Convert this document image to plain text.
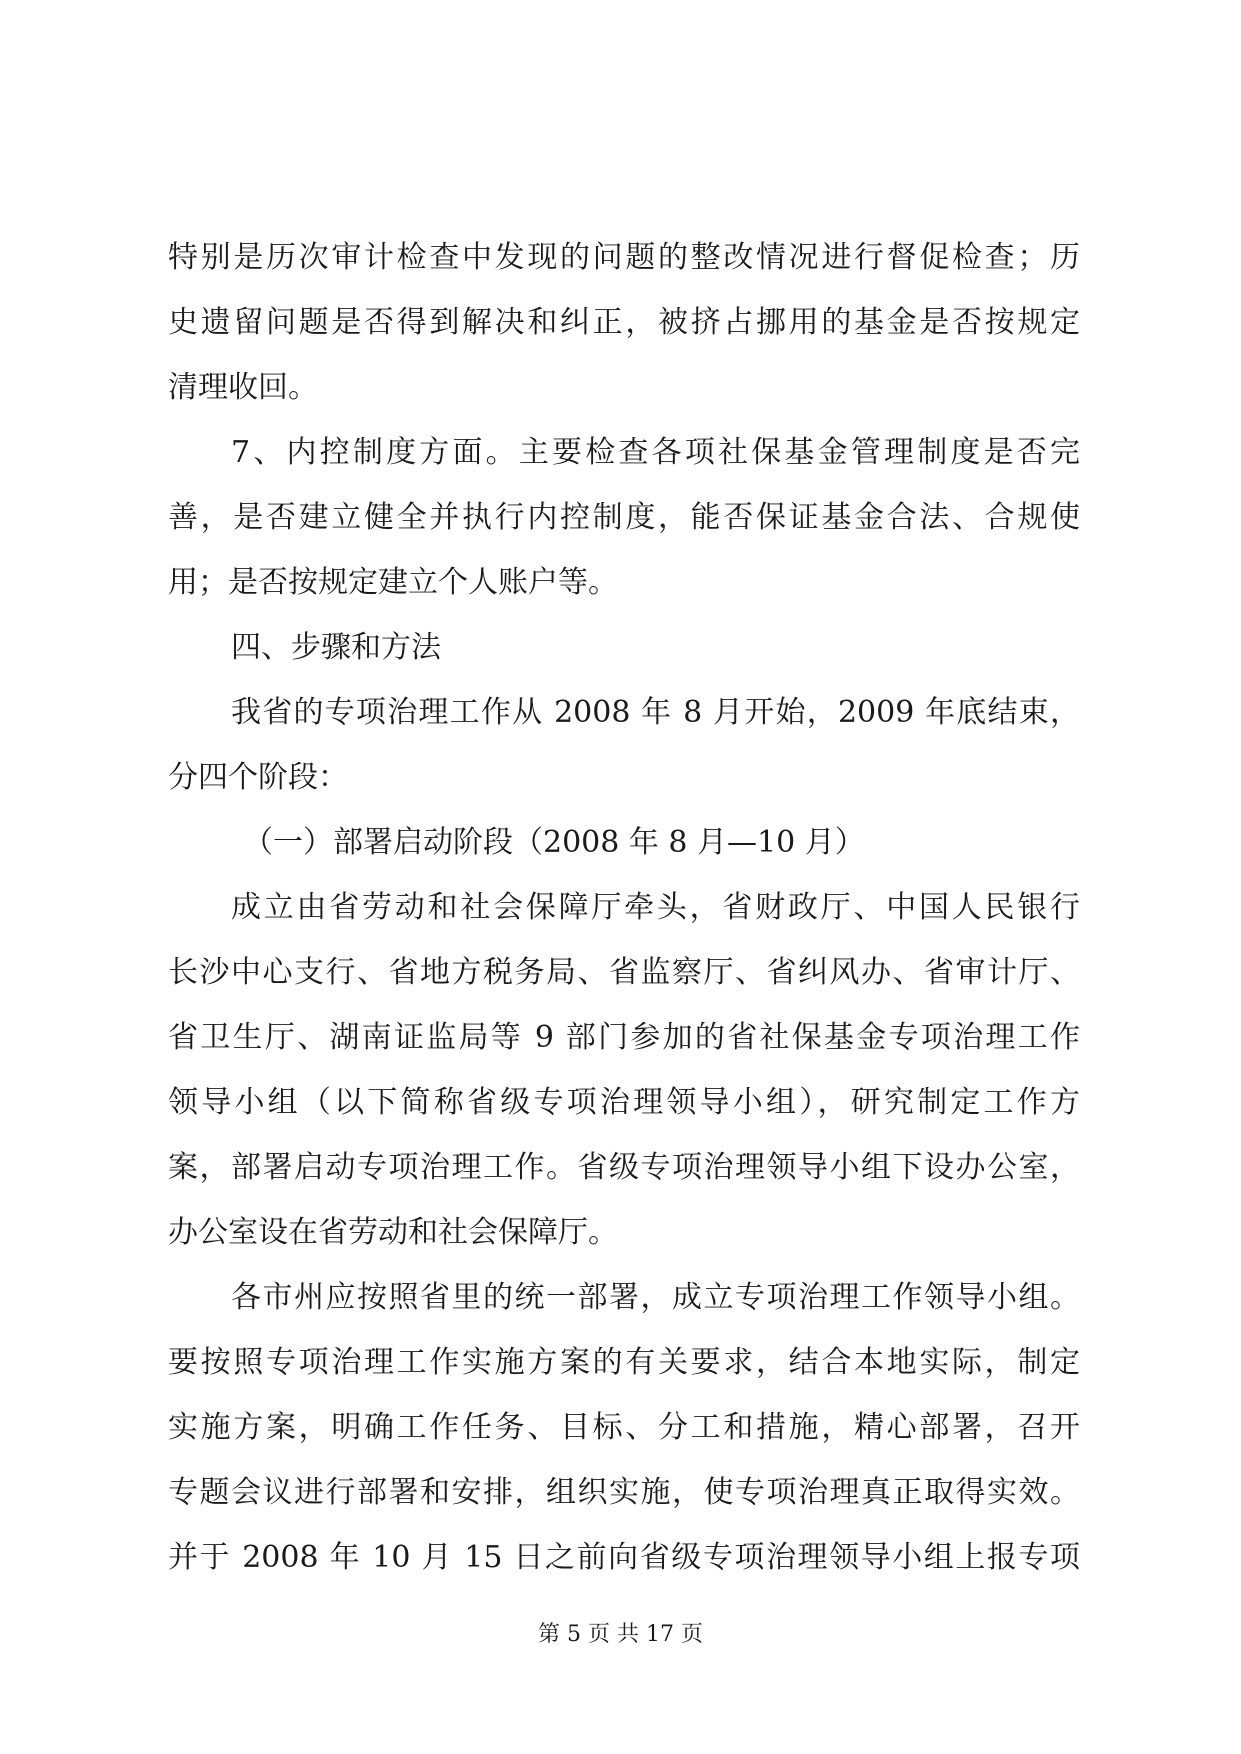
特别是历次审计检查中发现的问题的整改情况进行督促检查；历
史遗留问题是否得到解决和纠正，被挤占挪用的基金是否按规定
清理收回。
7、内控制度方面。主要检查各项社保基金管理制度是否完
善，是否建立健全并执行内控制度，能否保证基金合法、合规使
用；是否按规定建立个人账户等。
四、步骤和方法
我省的专项治理工作从 2008 年 8 月开始，2009 年底结束，
分四个阶段：
（一）部署启动阶段（2008 年 8 月—10 月）
成立由省劳动和社会保障厅牵头，省财政厅、中国人民银行
长沙中心支行、省地方税务局、省监察厅、省纠风办、省审计厅、
省卫生厅、湖南证监局等 9 部门参加的省社保基金专项治理工作
领导小组（以下简称省级专项治理领导小组），研究制定工作方
案，部署启动专项治理工作。省级专项治理领导小组下设办公室，
办公室设在省劳动和社会保障厅。
各市州应按照省里的统一部署，成立专项治理工作领导小组。
要按照专项治理工作实施方案的有关要求，结合本地实际，制定
实施方案，明确工作任务、目标、分工和措施，精心部署，召开
专题会议进行部署和安排，组织实施，使专项治理真正取得实效。
并于 2008 年 10 月 15 日之前向省级专项治理领导小组上报专项
第 5 页 共 17 页
